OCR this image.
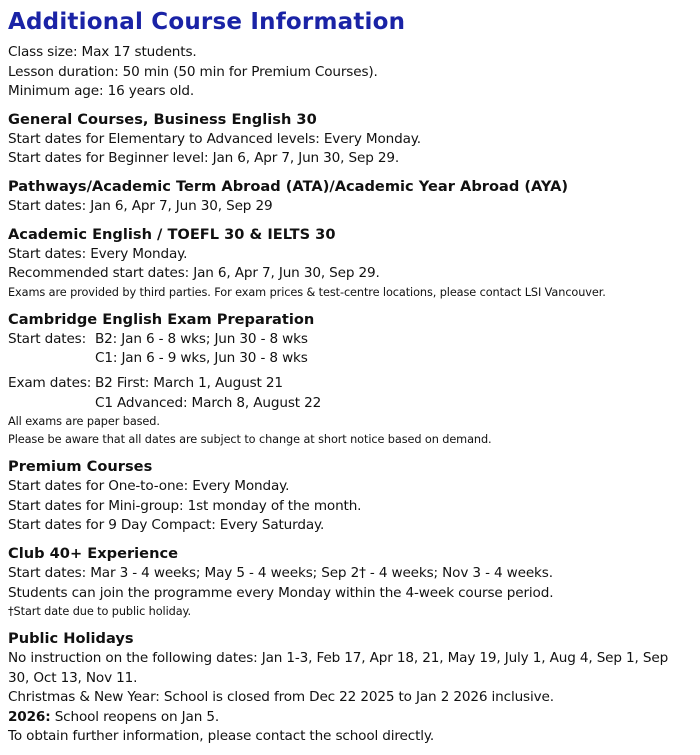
Additional Course Information
Class size: Max 17 students.
Lesson duration: 50 min (50 min for Premium Courses).
Minimum age: 16 years old.
General Courses, Business English 30
Start dates for Elementary to Advanced levels: Every Monday.
Start dates for Beginner level: Jan 6, Apr 7, Jun 30, Sep 29.
Pathways/Academic Term Abroad (ATA)/Academic Year Abroad (AYA)
Start dates: Jan 6, Apr 7, Jun 30, Sep 29
Academic English / TOEFL 30 & IELTS 30
Start dates: Every Monday.
Recommended start dates: Jan 6, Apr 7, Jun 30, Sep 29.
Exams are provided by third parties. For exam prices & test-centre locations, please contact LSI Vancouver.
Cambridge English Exam Preparation
Start dates: B2: Jan 6 - 8 wks; Jun 30 - 8 wks
C1: Jan 6 - 9 wks, Jun 30 - 8 wks
Exam dates: B2 First: March 1, August 21
C1 Advanced: March 8, August 22
All exams are paper based.
Please be aware that all dates are subject to change at short notice based on demand.
Premium Courses
Start dates for One-to-one: Every Monday.
Start dates for Mini-group: 1st monday of the month.
Start dates for 9 Day Compact: Every Saturday.
Club 40+ Experience
Start dates: Mar 3 - 4 weeks; May 5 - 4 weeks; Sep 2† - 4 weeks; Nov 3 - 4 weeks.
Students can join the programme every Monday within the 4-week course period.
†Start date due to public holiday.
Public Holidays
No instruction on the following dates: Jan 1-3, Feb 17, Apr 18, 21, May 19, July 1, Aug 4, Sep 1, Sep
30, Oct 13, Nov 11.
Christmas & New Year: School is closed from Dec 22 2025 to Jan 2 2026 inclusive.
2026: School reopens on Jan 5.
To obtain further information, please contact the school directly.
